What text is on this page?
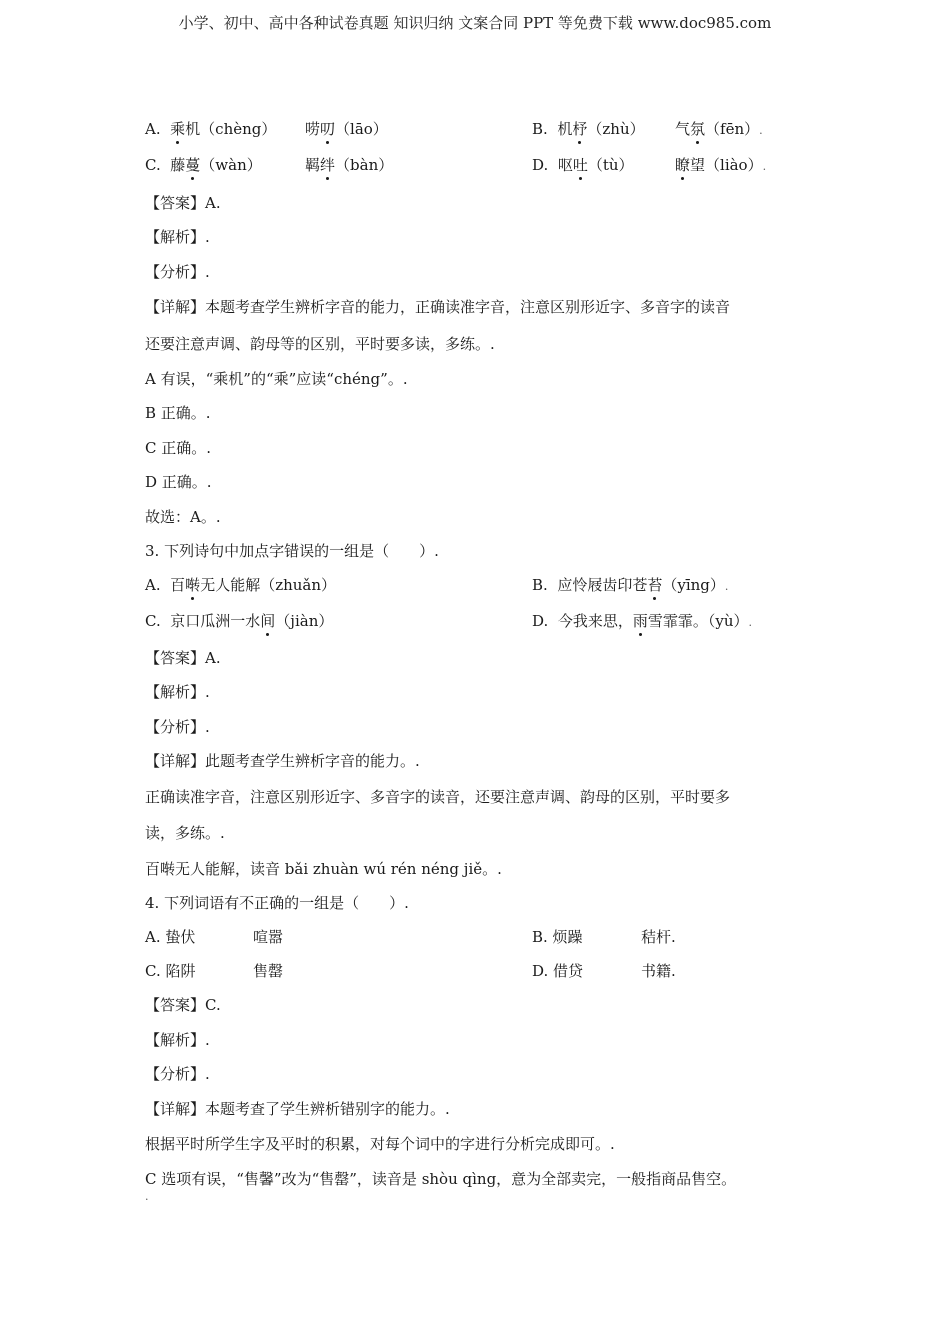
小学、初中、高中各种试卷真题 知识归纳 文案合同 PPT 等免费下载 www.doc985.com
A. 乘机（chèng） 唠叨（lāo）	B. 机杼（zhù） 气氛（fēn）.
C. 藤蔓（wàn）	羁绊（bàn）	D. 呕吐（tù）	瞭望（liào）.
【答案】A.
【解析】.
【分析】.
【详解】本题考查学生辨析字音的能力，正确读准字音，注意区别形近字、多音字的读音
还要注意声调、韵母等的区别，平时要多读，多练。.
A 有误，“乘机”的“乘”应读“chéng”。.
B 正确。.
C 正确。.
D 正确。.
故选：A。.
3. 下列诗句中加点字错误的一组是（　　）.
A. 百啭无人能解（zhuǎn）	B. 应怜屐齿印苍苔（yīng）.
C. 京口瓜洲一水间（jiàn）	D. 今我来思，雨雪霏霏。（yù）.
【答案】A.
【解析】.
【分析】.
【详解】此题考查学生辨析字音的能力。.
正确读准字音，注意区别形近字、多音字的读音，还要注意声调、韵母的区别，平时要多
读，多练。.
百啭无人能解，读音 bǎi zhuàn wú rén néng jiě。.
4. 下列词语有不正确的一组是（　　）.
A. 蛰伏	喧嚣	B. 烦躁	秸杆.
C. 陷阱	售罄	D. 借贷	书籍.
【答案】C.
【解析】.
【分析】.
【详解】本题考查了学生辨析错别字的能力。.
根据平时所学生字及平时的积累，对每个词中的字进行分析完成即可。.
C 选项有误，“售馨”改为“售罄”，读音是 shòu qìng，意为全部卖完，一般指商品售空。
.
